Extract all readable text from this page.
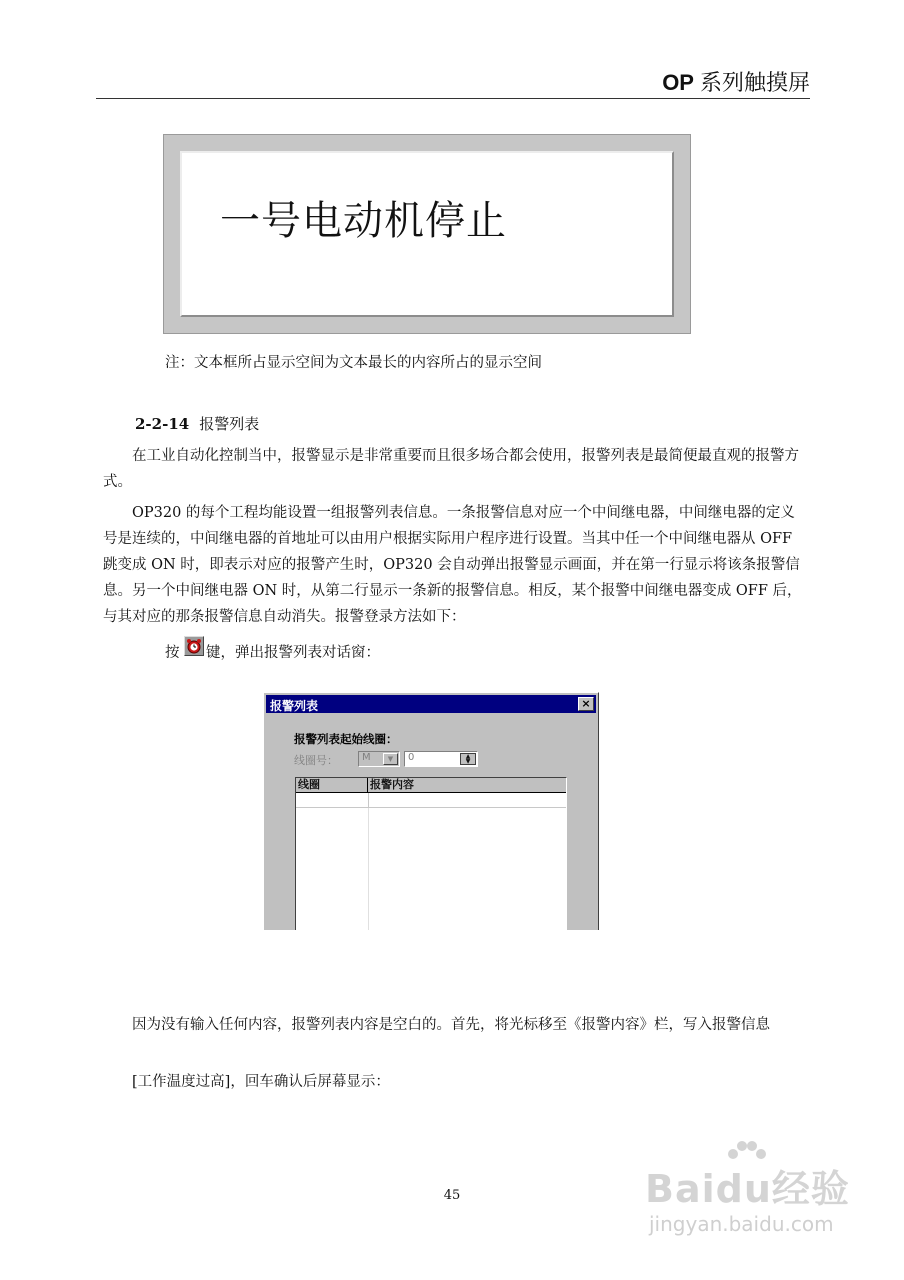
OP 系列触摸屏
一号电动机停止
注：文本框所占显示空间为文本最长的内容所占的显示空间
2-2-14 报警列表
在工业自动化控制当中，报警显示是非常重要而且很多场合都会使用，报警列表是最简便最直观的报警方式。
OP320 的每个工程均能设置一组报警列表信息。一条报警信息对应一个中间继电器，中间继电器的定义号是连续的，中间继电器的首地址可以由用户根据实际用户程序进行设置。当其中任一个中间继电器从 OFF 跳变成 ON 时，即表示对应的报警产生时，OP320 会自动弹出报警显示画面，并在第一行显示将该条报警信息。另一个中间继电器 ON 时，从第二行显示一条新的报警信息。相反，某个报警中间继电器变成 OFF 后，与其对应的那条报警信息自动消失。报警登录方法如下：
按 键，弹出报警列表对话窗：
报警列表	×
报警列表起始线圈：
线圈号： M	▼	0	▲
▼
线圈	报警内容
因为没有输入任何内容，报警列表内容是空白的。首先，将光标移至《报警内容》栏，写入报警信息
[工作温度过高]，回车确认后屏幕显示：
45	Baidu经验
jingyan.baidu.com
